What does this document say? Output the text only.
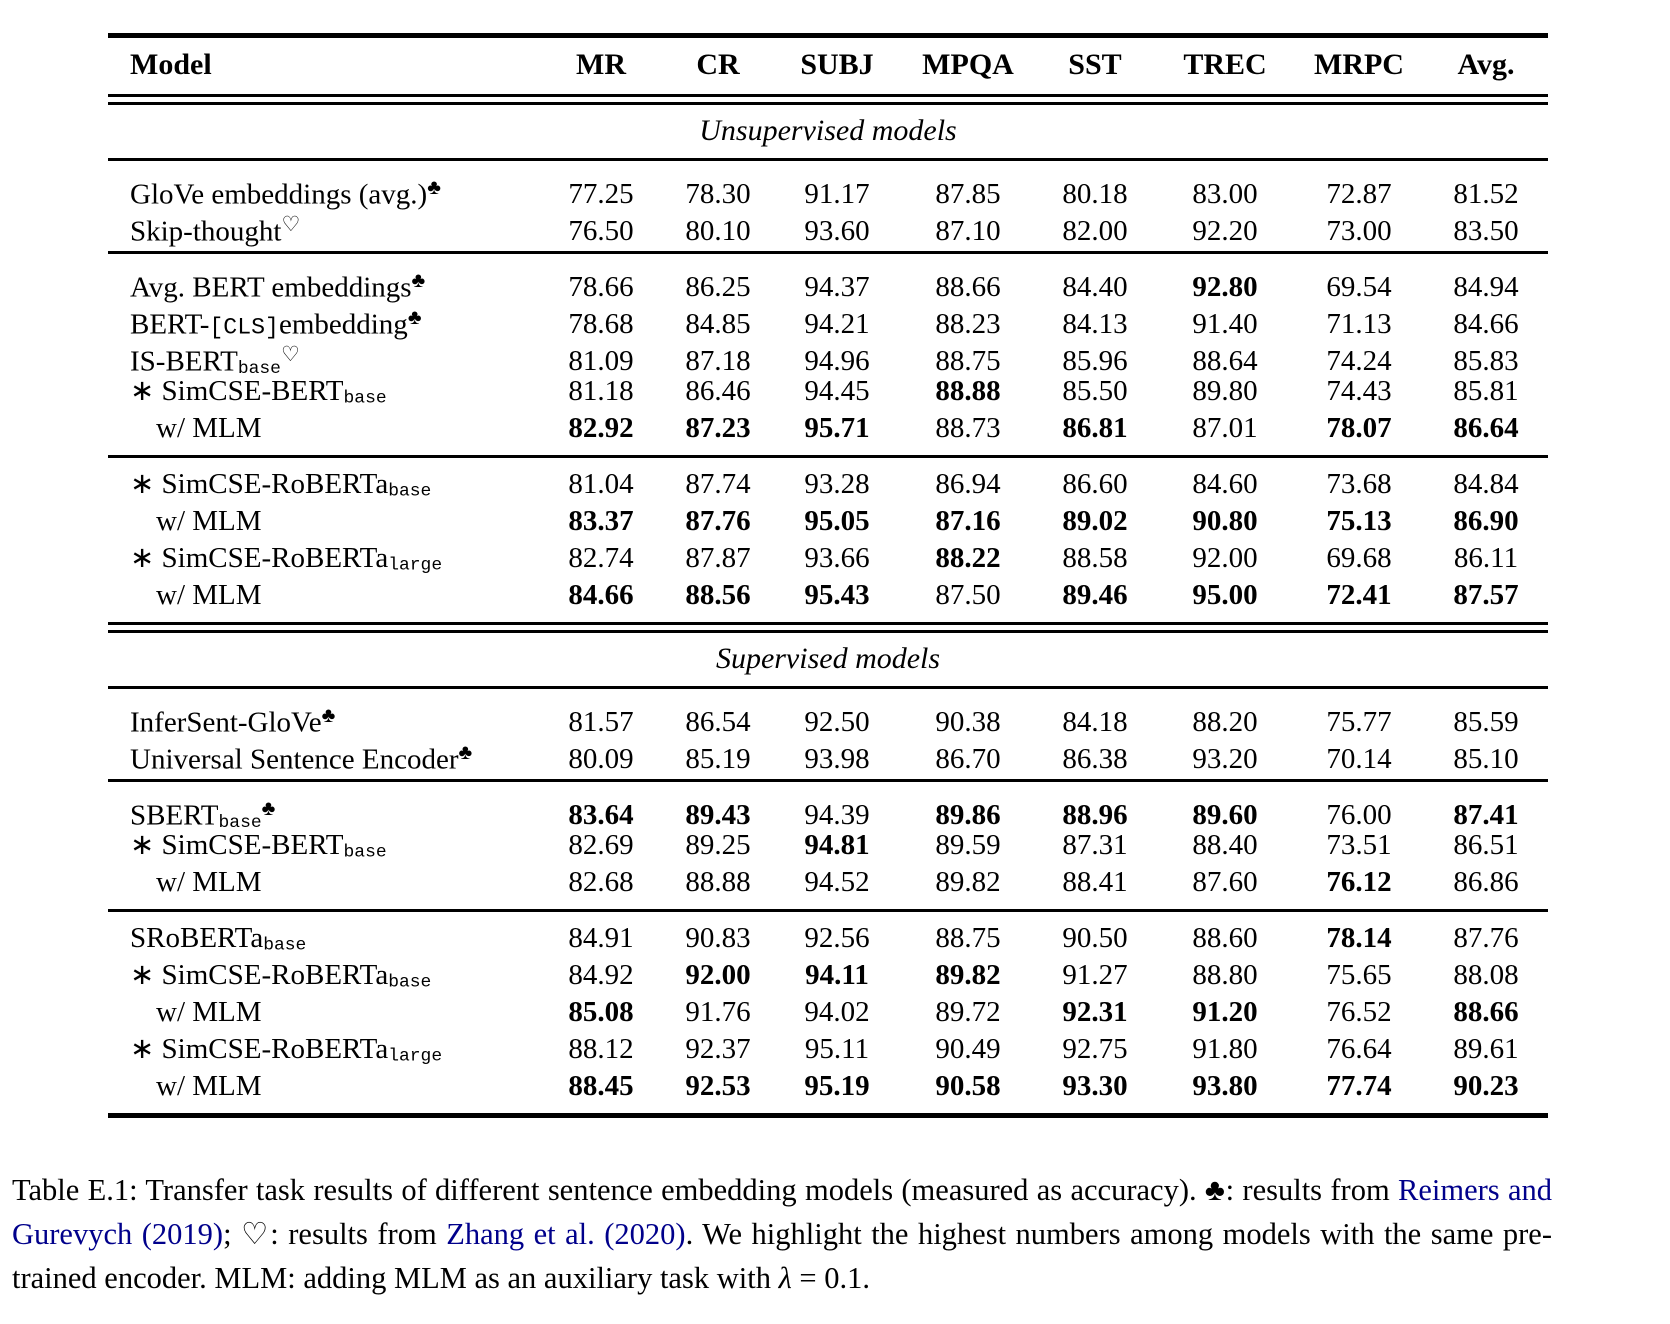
Model	MR	CR	SUBJ	MPQA	SST	TREC	MRPC	Avg.
Unsupervised models
GloVe embeddings (avg.)♣	77.25	78.30	91.17	87.85	80.18	83.00	72.87	81.52
Skip-thought♡	76.50	80.10	93.60	87.10	82.00	92.20	73.00	83.50
Avg. BERT embeddings♣	78.66	86.25	94.37	88.66	84.40	92.80	69.54	84.94
BERT-[CLS]embedding♣	78.68	84.85	94.21	88.23	84.13	91.40	71.13	84.66
IS-BERTbase♡	81.09	87.18	94.96	88.75	85.96	88.64	74.24	85.83
∗ SimCSE-BERTbase	81.18	86.46	94.45	88.88	85.50	89.80	74.43	85.81
w/ MLM	82.92	87.23	95.71	88.73	86.81	87.01	78.07	86.64
∗ SimCSE-RoBERTabase	81.04	87.74	93.28	86.94	86.60	84.60	73.68	84.84
w/ MLM	83.37	87.76	95.05	87.16	89.02	90.80	75.13	86.90
∗ SimCSE-RoBERTalarge	82.74	87.87	93.66	88.22	88.58	92.00	69.68	86.11
w/ MLM	84.66	88.56	95.43	87.50	89.46	95.00	72.41	87.57
Supervised models
InferSent-GloVe♣	81.57	86.54	92.50	90.38	84.18	88.20	75.77	85.59
Universal Sentence Encoder♣	80.09	85.19	93.98	86.70	86.38	93.20	70.14	85.10
SBERTbase♣	83.64	89.43	94.39	89.86	88.96	89.60	76.00	87.41
∗ SimCSE-BERTbase	82.69	89.25	94.81	89.59	87.31	88.40	73.51	86.51
w/ MLM	82.68	88.88	94.52	89.82	88.41	87.60	76.12	86.86
SRoBERTabase	84.91	90.83	92.56	88.75	90.50	88.60	78.14	87.76
∗ SimCSE-RoBERTabase	84.92	92.00	94.11	89.82	91.27	88.80	75.65	88.08
w/ MLM	85.08	91.76	94.02	89.72	92.31	91.20	76.52	88.66
∗ SimCSE-RoBERTalarge	88.12	92.37	95.11	90.49	92.75	91.80	76.64	89.61
w/ MLM	88.45	92.53	95.19	90.58	93.30	93.80	77.74	90.23

Table E.1: Transfer task results of different sentence embedding models (measured as accuracy). ♣: results from Reimers and Gurevych (2019); ♡: results from Zhang et al. (2020). We highlight the highest numbers among models with the same pre-trained encoder. MLM: adding MLM as an auxiliary task with λ = 0.1.
